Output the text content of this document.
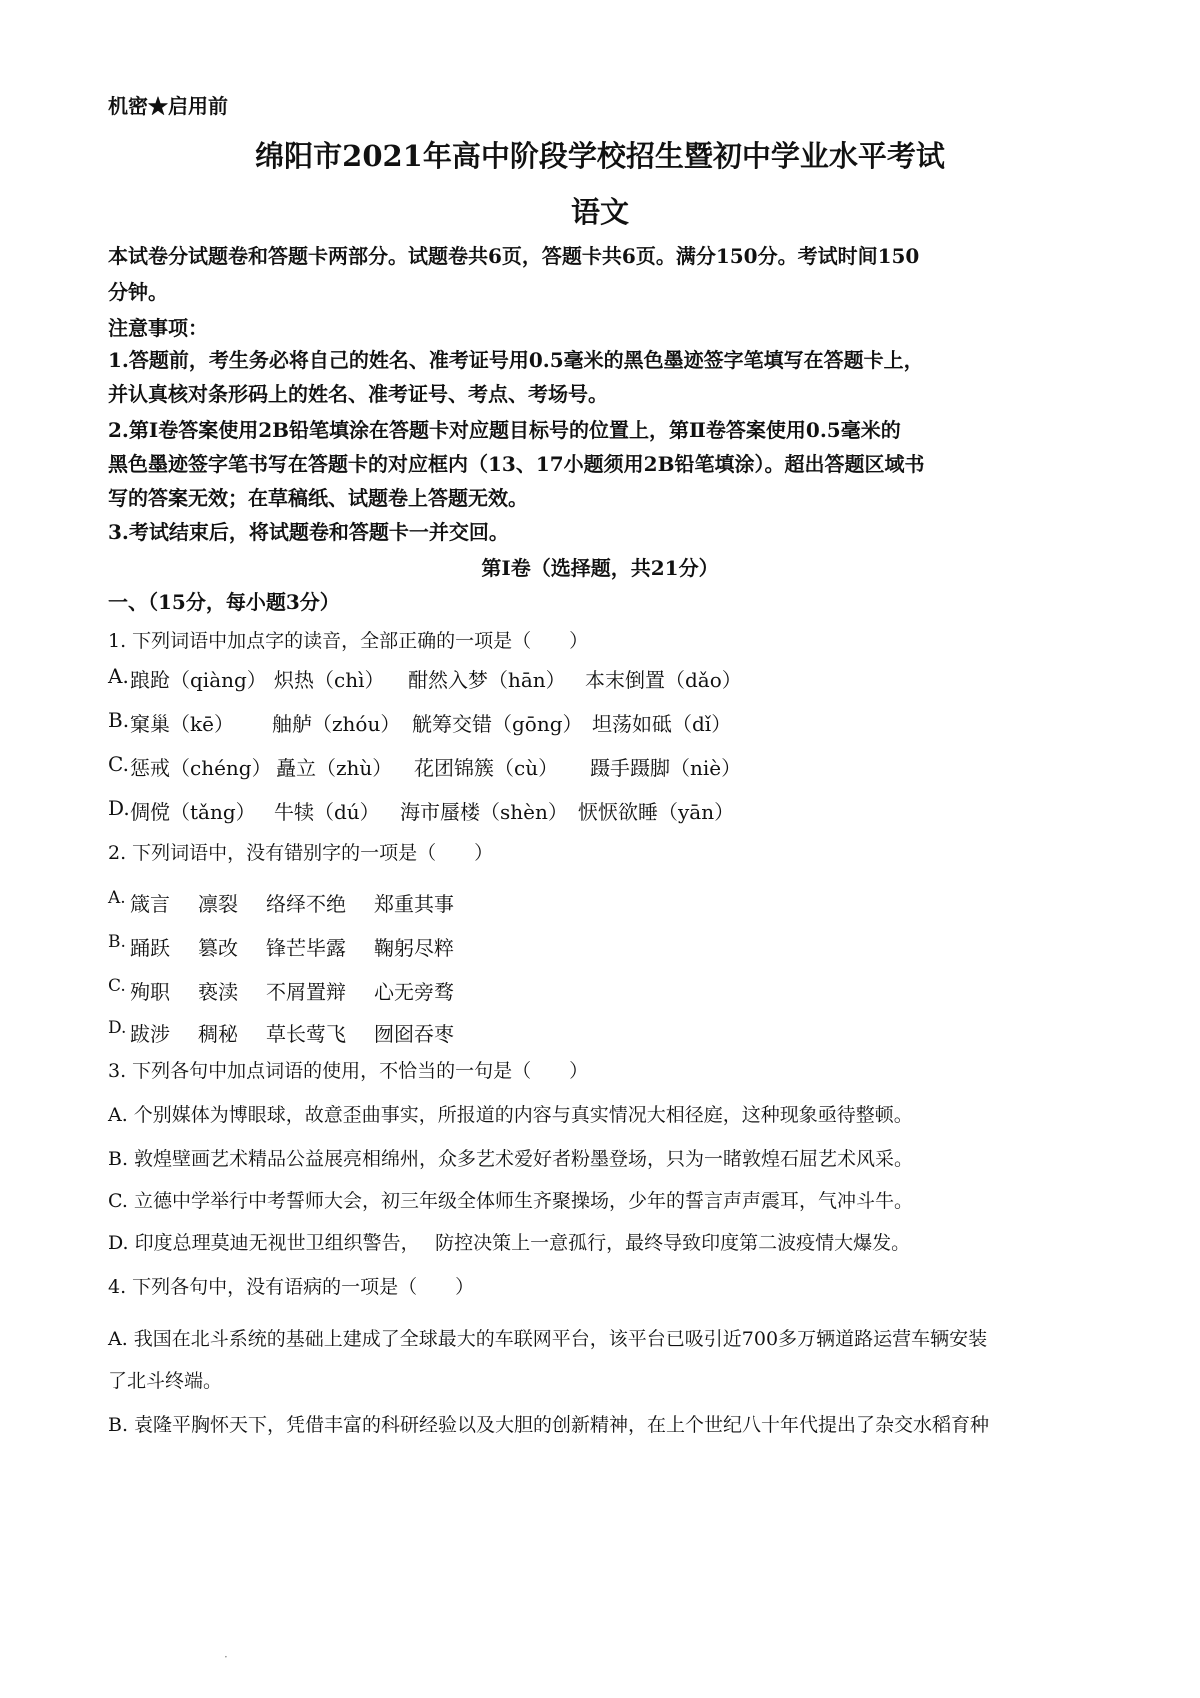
机密★启用前
绵阳市2021年高中阶段学校招生暨初中学业水平考试
语文
本试卷分试题卷和答题卡两部分。试题卷共6页，答题卡共6页。满分150分。考试时间150
分钟。
注意事项：
1.答题前，考生务必将自己的姓名、准考证号用0.5毫米的黑色墨迹签字笔填写在答题卡上，
并认真核对条形码上的姓名、准考证号、考点、考场号。
2.第Ⅰ卷答案使用2B铅笔填涂在答题卡对应题目标号的位置上，第Ⅱ卷答案使用0.5毫米的
黑色墨迹签字笔书写在答题卡的对应框内（13、17小题须用2B铅笔填涂）。超出答题区域书
写的答案无效；在草稿纸、试题卷上答题无效。
3.考试结束后，将试题卷和答题卡一并交回。
第Ⅰ卷（选择题，共21分）
一、（15分，每小题3分）
1. 下列词语中加点字的读音，全部正确的一项是（　　）
A. 踉跄（qiàng） 炽热（chì） 酣然入梦（hān） 本末倒置（dǎo）
B. 窠巢（kē） 舳舻（zhóu） 觥筹交错（gōng） 坦荡如砥（dǐ）
C. 惩戒（chéng） 矗立（zhù） 花团锦簇（cù） 蹑手蹑脚（niè）
D. 倜傥（tǎng） 牛犊（dú） 海市蜃楼（shèn） 恹恹欲睡（yān）
2. 下列词语中，没有错别字的一项是（　　）
A. 箴言 凛裂 络绎不绝 郑重其事
B. 踊跃 篡改 锋芒毕露 鞠躬尽粹
C. 殉职 亵渎 不屑置辩 心无旁骛
D. 跋涉 稠秘 草长莺飞 囫囵吞枣
3. 下列各句中加点词语的使用，不恰当的一句是（　　）
A. 个别媒体为博眼球，故意歪曲事实，所报道的内容与真实情况大相径庭，这种现象亟待整顿。
B. 敦煌壁画艺术精品公益展亮相绵州，众多艺术爱好者粉墨登场，只为一睹敦煌石屈艺术风采。
C. 立德中学举行中考誓师大会，初三年级全体师生齐聚操场，少年的誓言声声震耳，气冲斗牛。
D. 印度总理莫迪无视世卫组织警告，　 防控决策上一意孤行，最终导致印度第二波疫情大爆发。
4. 下列各句中，没有语病的一项是（　　）
A. 我国在北斗系统的基础上建成了全球最大的车联网平台，该平台已吸引近700多万辆道路运营车辆安装
了北斗终端。
B. 袁隆平胸怀天下，凭借丰富的科研经验以及大胆的创新精神，在上个世纪八十年代提出了杂交水稻育种
·
